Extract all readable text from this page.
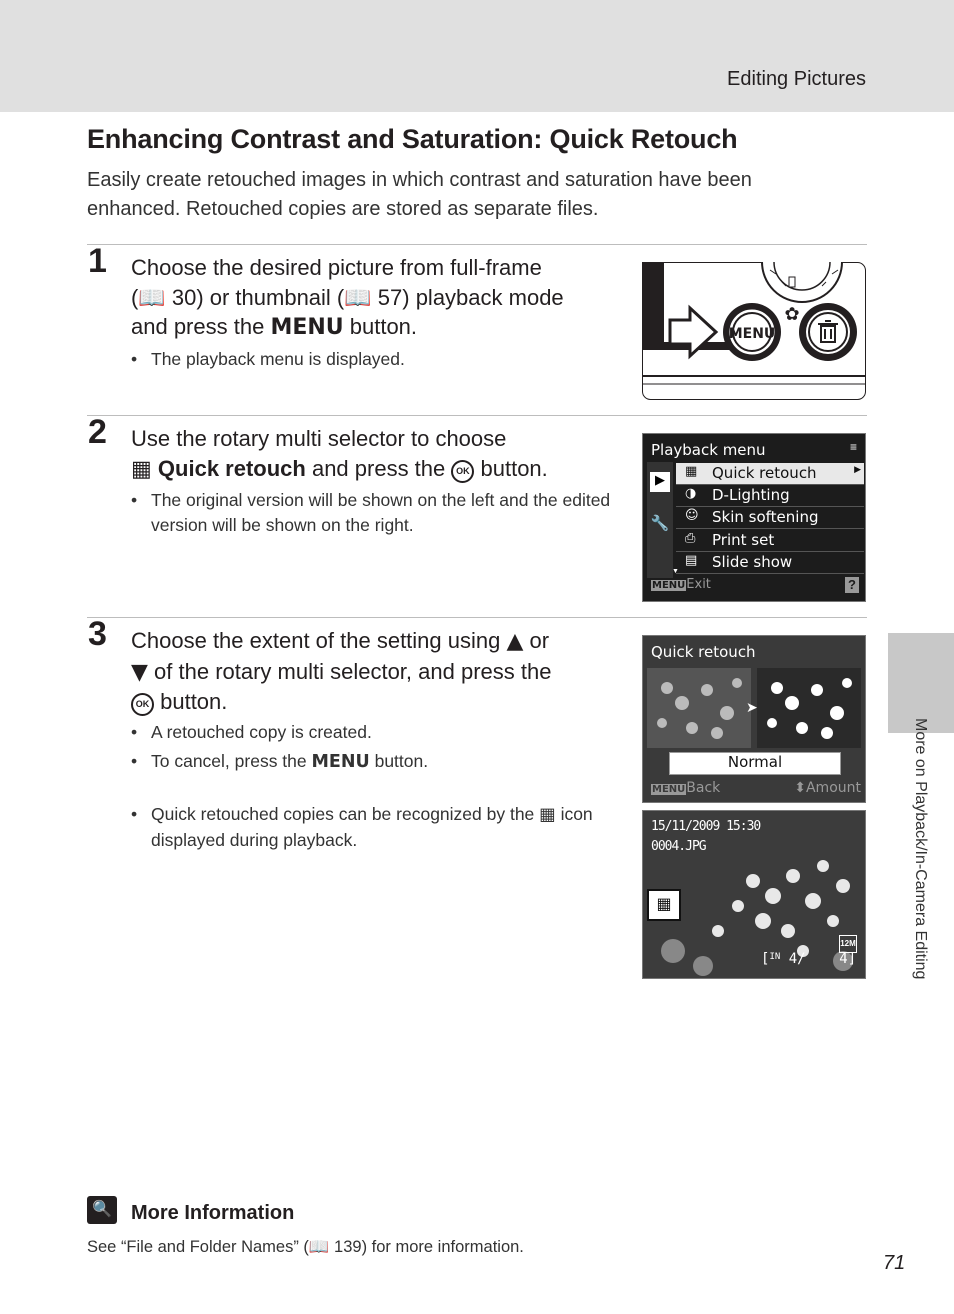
Editing Pictures
Enhancing Contrast and Saturation: Quick Retouch
Easily create retouched images in which contrast and saturation have been enhanced. Retouched copies are stored as separate files.
1 Choose the desired picture from full-frame
(📖 30) or thumbnail (📖 57) playback mode
and press the MENU button.
• The playback menu is displayed.
✿
MENU
2 Use the rotary multi selector to choose
▦ Quick retouch and press the OK button.
• The original version will be shown on the left and the edited version will be shown on the right.
Playback menu	≡
▶
🔧
▦ Quick retouch	▶
◑ D-Lighting
☺ Skin softening
⎙ Print set
▤ Slide show
▼
MENUExit	?
3 Choose the extent of the setting using ▲ or
▼ of the rotary multi selector, and press the
OK button.
• A retouched copy is created.
• To cancel, press the MENU button.
• Quick retouched copies can be recognized by the ▦ icon displayed during playback.
Quick retouch
➤
Normal
MENUBack	⬍Amount
15/11/2009 15:30
0004.JPG
▦
12M
[$^{IN}$ 4/ 4]	More on Playback/In-Camera Editing
🔍 More Information
See “File and Folder Names” (📖 139) for more information.
71
